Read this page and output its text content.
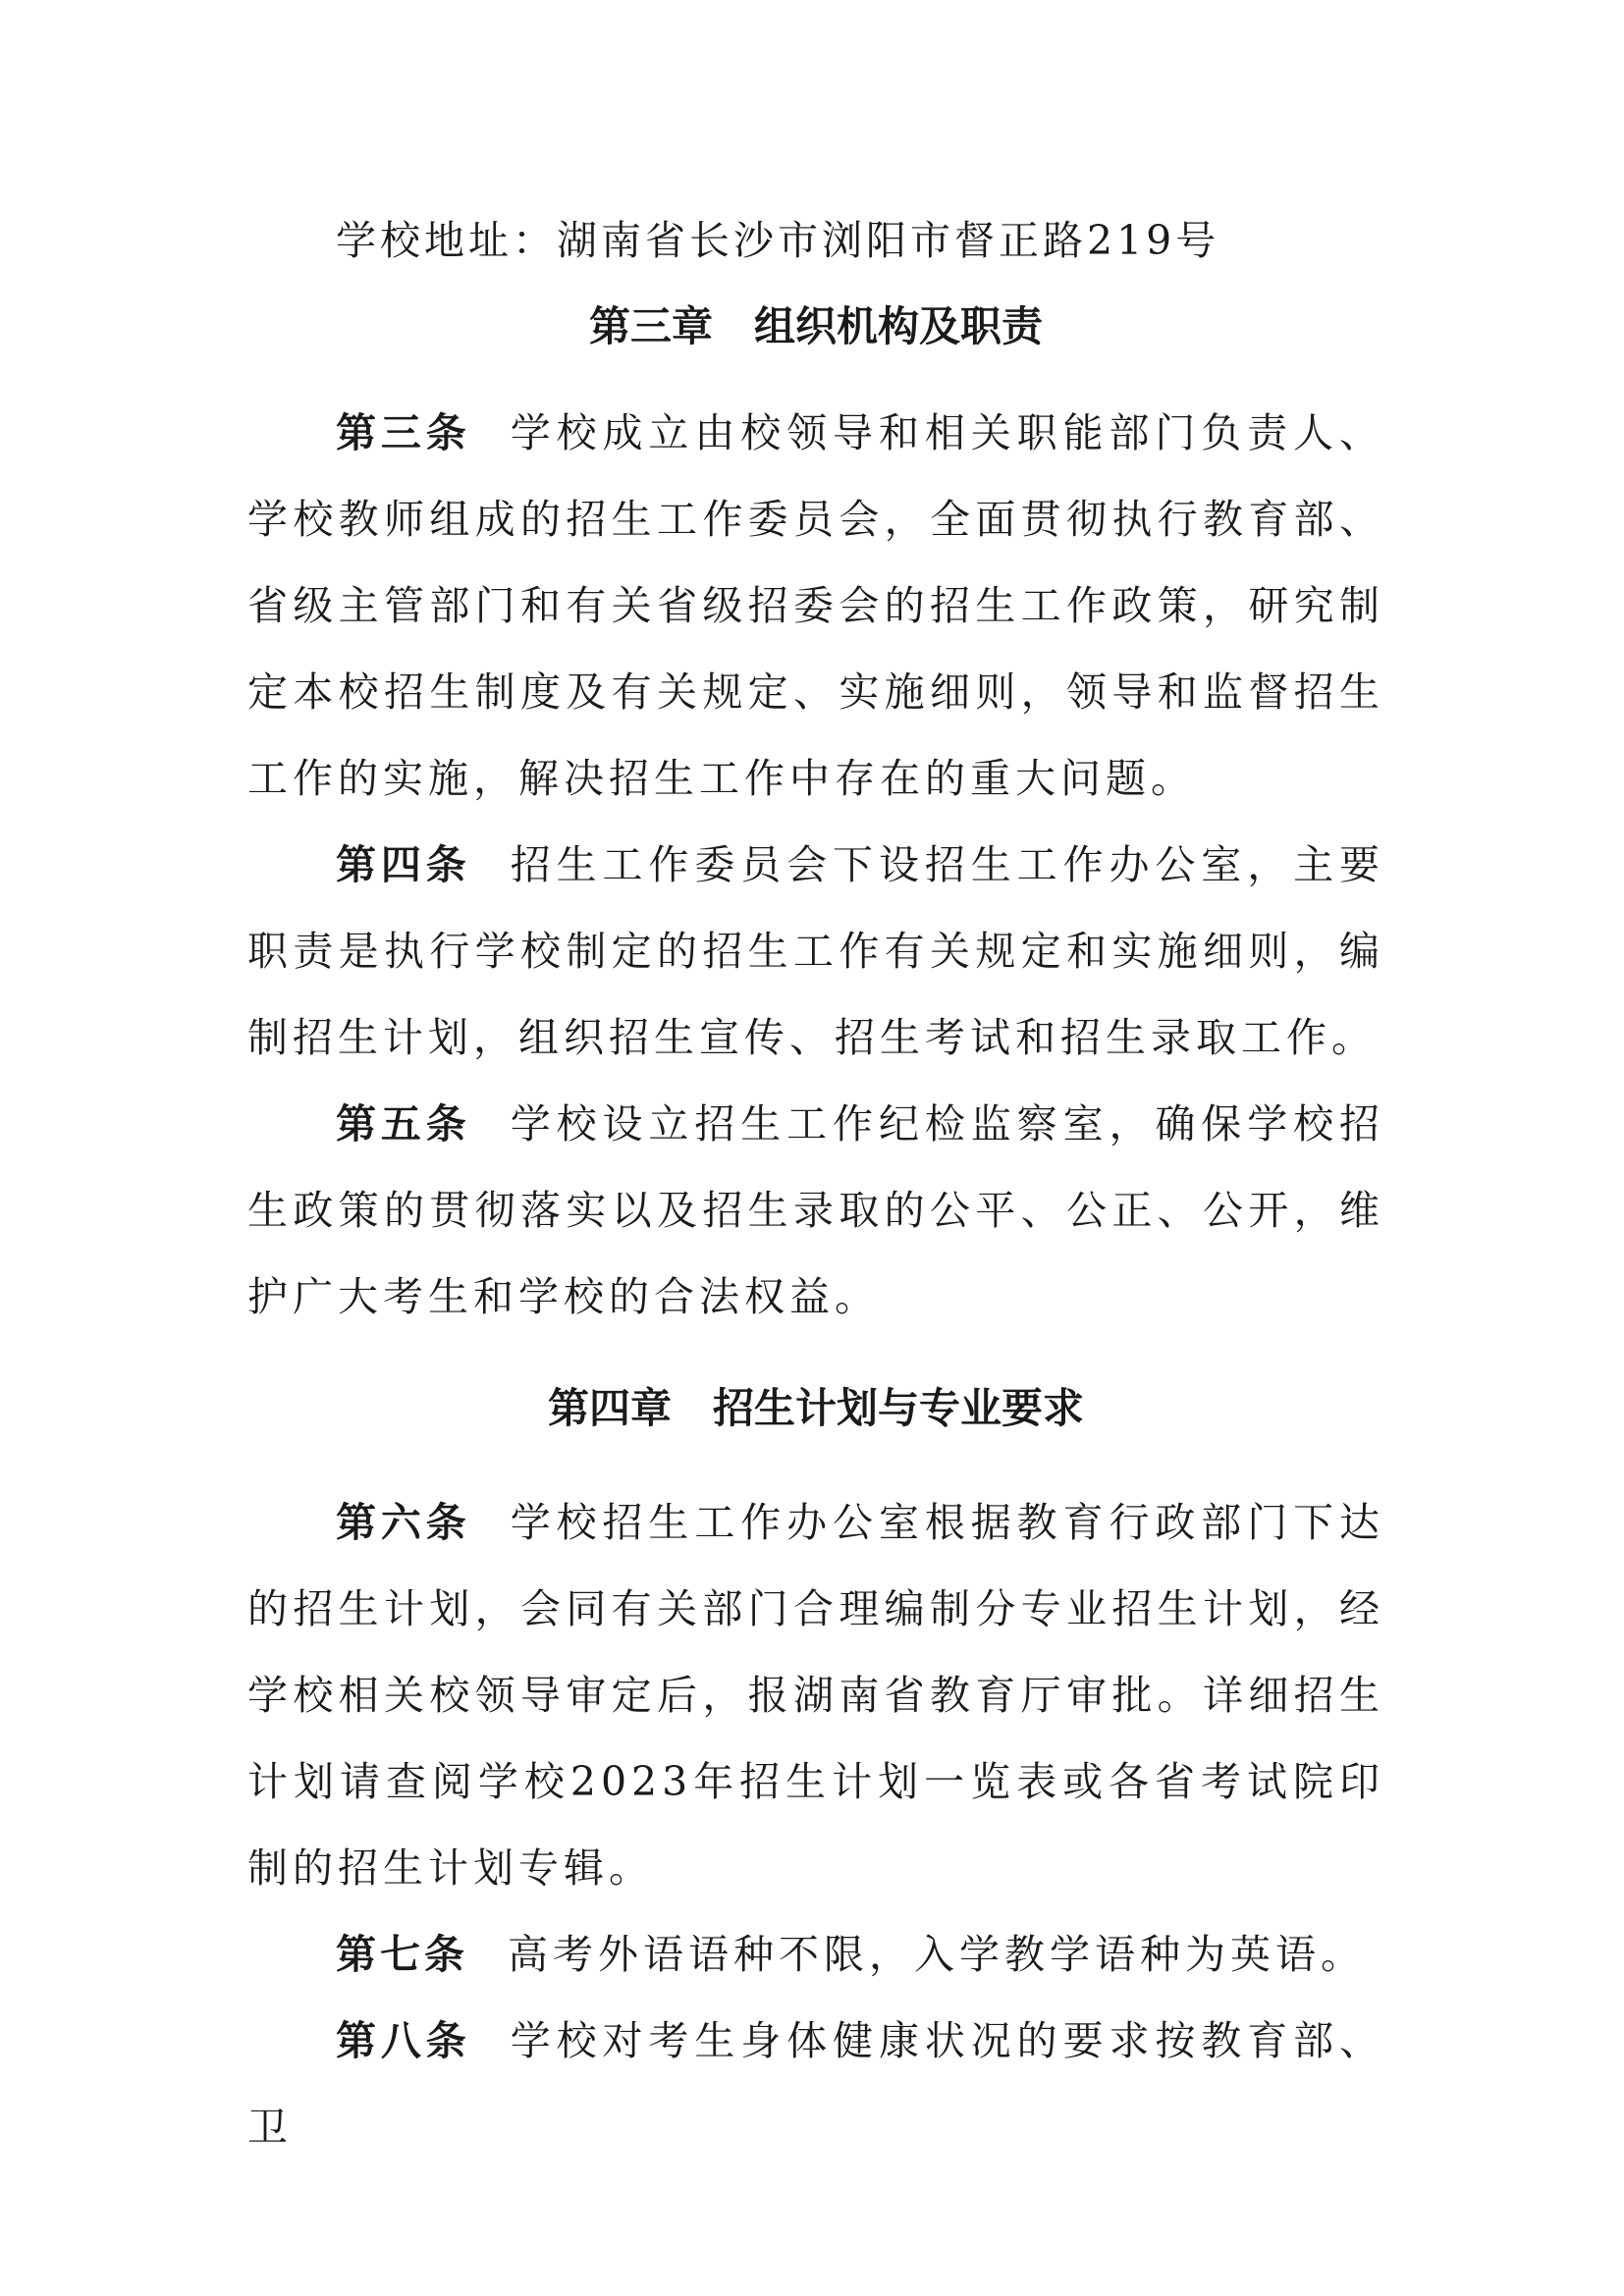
学校地址：湖南省长沙市浏阳市督正路219号

第三章　组织机构及职责

第三条 学校成立由校领导和相关职能部门负责人、学校教师组成的招生工作委员会，全面贯彻执行教育部、省级主管部门和有关省级招委会的招生工作政策，研究制定本校招生制度及有关规定、实施细则，领导和监督招生工作的实施，解决招生工作中存在的重大问题。

第四条 招生工作委员会下设招生工作办公室，主要职责是执行学校制定的招生工作有关规定和实施细则，编制招生计划，组织招生宣传、招生考试和招生录取工作。

第五条 学校设立招生工作纪检监察室，确保学校招生政策的贯彻落实以及招生录取的公平、公正、公开，维护广大考生和学校的合法权益。

第四章　招生计划与专业要求

第六条 学校招生工作办公室根据教育行政部门下达的招生计划，会同有关部门合理编制分专业招生计划，经学校相关校领导审定后，报湖南省教育厅审批。详细招生计划请查阅学校2023年招生计划一览表或各省考试院印制的招生计划专辑。

第七条 高考外语语种不限，入学教学语种为英语。

第八条 学校对考生身体健康状况的要求按教育部、卫
